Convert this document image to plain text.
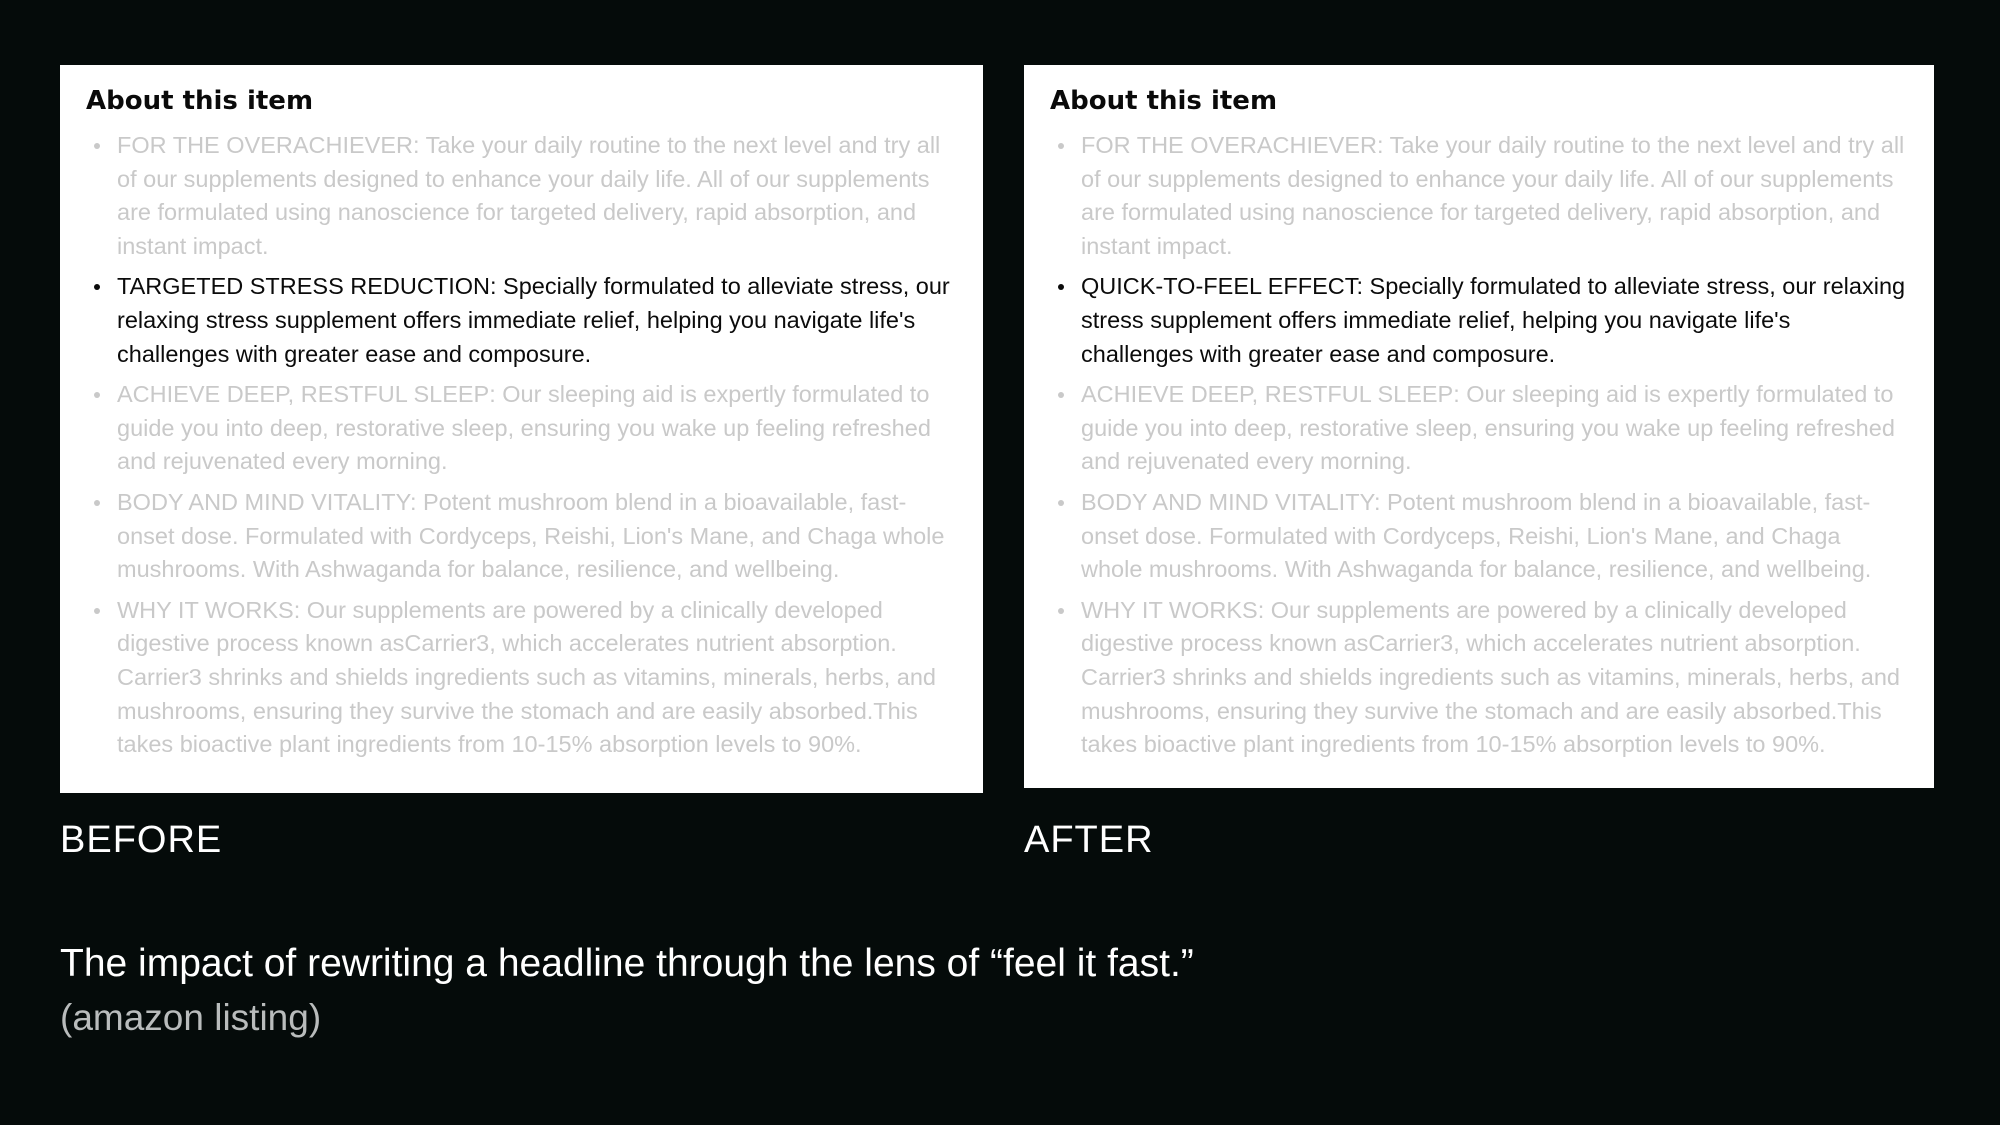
About this item
FOR THE OVERACHIEVER: Take your daily routine to the next level and try all of our supplements designed to enhance your daily life. All of our supplements are formulated using nanoscience for targeted delivery, rapid absorption, and instant impact.
TARGETED STRESS REDUCTION: Specially formulated to alleviate stress, our relaxing stress supplement offers immediate relief, helping you navigate life's challenges with greater ease and composure.
ACHIEVE DEEP, RESTFUL SLEEP: Our sleeping aid is expertly formulated to guide you into deep, restorative sleep, ensuring you wake up feeling refreshed and rejuvenated every morning.
BODY AND MIND VITALITY: Potent mushroom blend in a bioavailable, fast-onset dose. Formulated with Cordyceps, Reishi, Lion's Mane, and Chaga whole mushrooms. With Ashwaganda for balance, resilience, and wellbeing.
WHY IT WORKS: Our supplements are powered by a clinically developed digestive process known asCarrier3, which accelerates nutrient absorption. Carrier3 shrinks and shields ingredients such as vitamins, minerals, herbs, and mushrooms, ensuring they survive the stomach and are easily absorbed.This takes bioactive plant ingredients from 10-15% absorption levels to 90%.
About this item
FOR THE OVERACHIEVER: Take your daily routine to the next level and try all of our supplements designed to enhance your daily life. All of our supplements are formulated using nanoscience for targeted delivery, rapid absorption, and instant impact.
QUICK-TO-FEEL EFFECT: Specially formulated to alleviate stress, our relaxing stress supplement offers immediate relief, helping you navigate life's challenges with greater ease and composure.
ACHIEVE DEEP, RESTFUL SLEEP: Our sleeping aid is expertly formulated to guide you into deep, restorative sleep, ensuring you wake up feeling refreshed and rejuvenated every morning.
BODY AND MIND VITALITY: Potent mushroom blend in a bioavailable, fast-onset dose. Formulated with Cordyceps, Reishi, Lion's Mane, and Chaga whole mushrooms. With Ashwaganda for balance, resilience, and wellbeing.
WHY IT WORKS: Our supplements are powered by a clinically developed digestive process known asCarrier3, which accelerates nutrient absorption. Carrier3 shrinks and shields ingredients such as vitamins, minerals, herbs, and mushrooms, ensuring they survive the stomach and are easily absorbed.This takes bioactive plant ingredients from 10-15% absorption levels to 90%.

BEFORE	AFTER

The impact of rewriting a headline through the lens of “feel it fast.”

(amazon listing)
